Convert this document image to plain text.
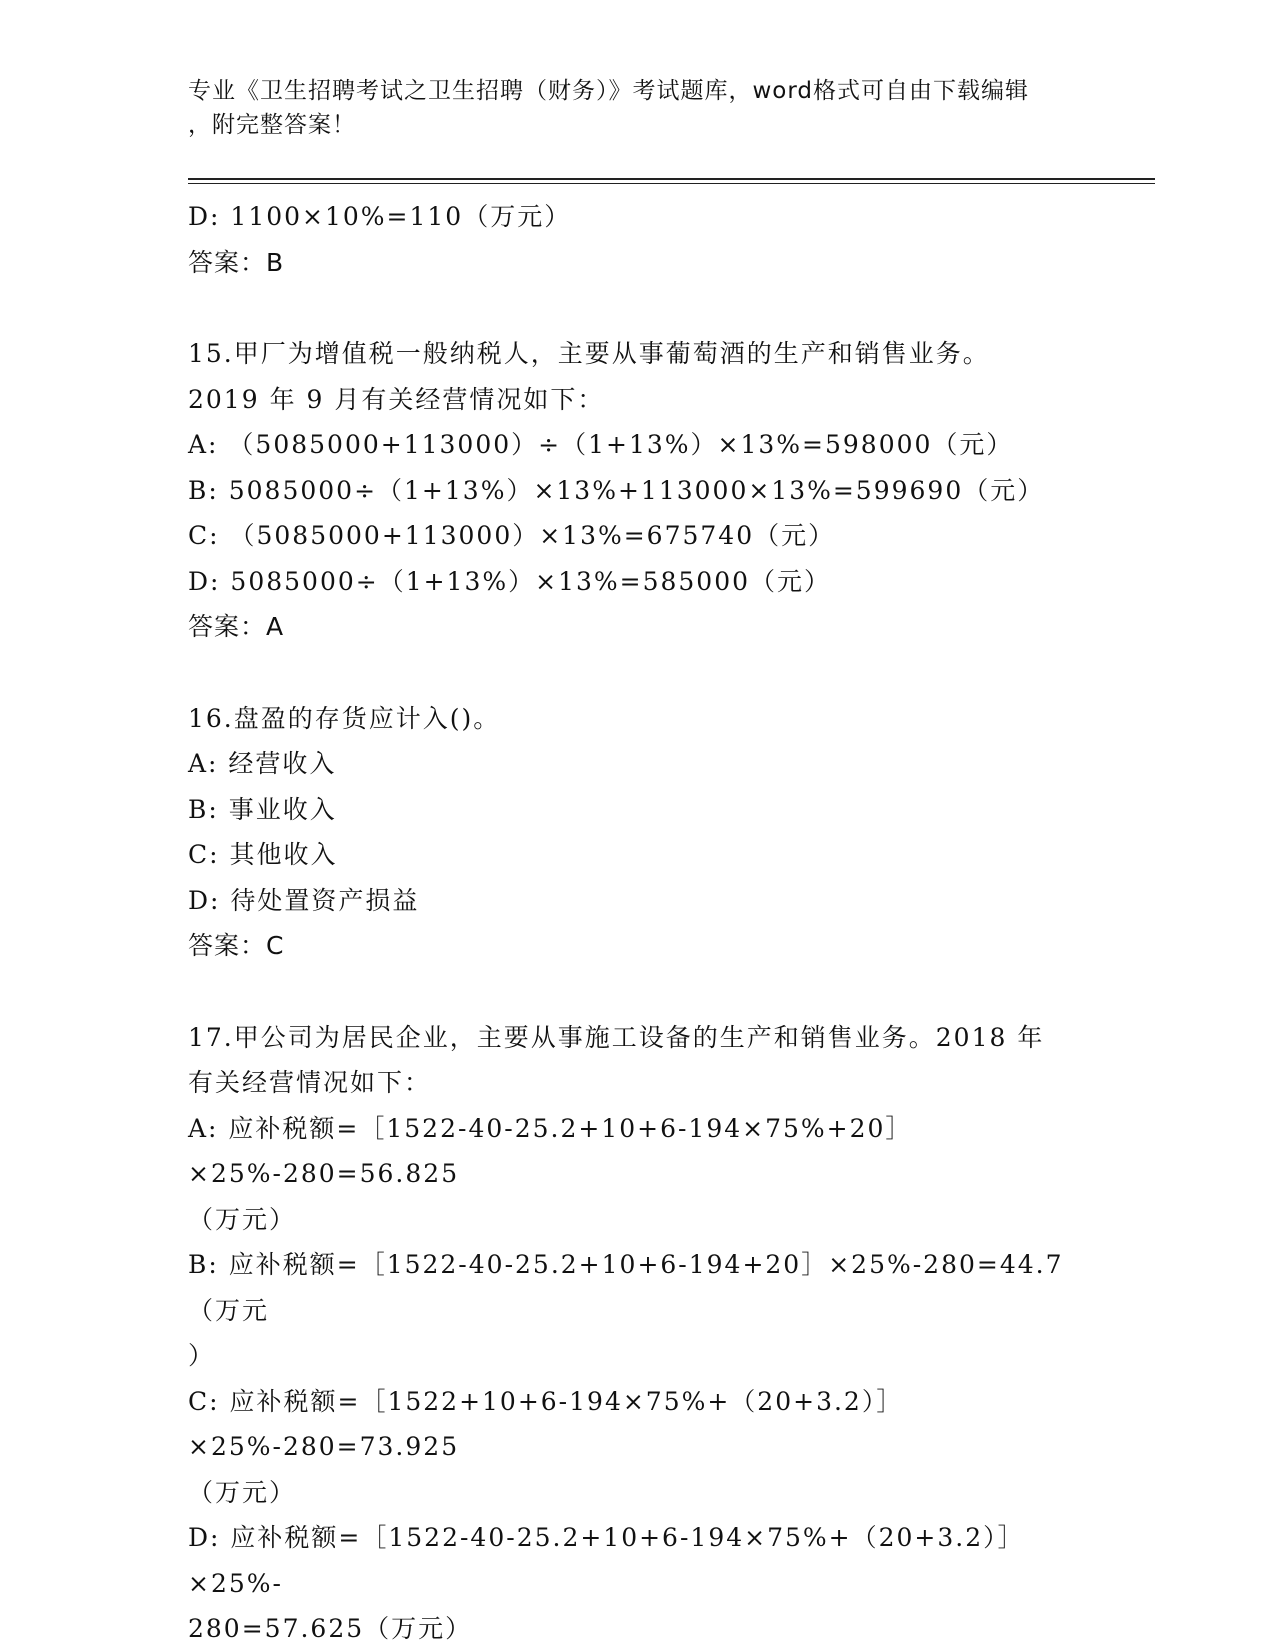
专业《卫生招聘考试之卫生招聘（财务）》考试题库，word格式可自由下载编辑
，附完整答案！
D: 1100×10%=110（万元）
答案：B
15.甲厂为增值税一般纳税人，主要从事葡萄酒的生产和销售业务。
2019 年 9 月有关经营情况如下：
A: （5085000+113000）÷（1+13%）×13%=598000（元）
B: 5085000÷（1+13%）×13%+113000×13%=599690（元）
C: （5085000+113000）×13%=675740（元）
D: 5085000÷（1+13%）×13%=585000（元）
答案：A
16.盘盈的存货应计入()。
A: 经营收入
B: 事业收入
C: 其他收入
D: 待处置资产损益
答案：C
17.甲公司为居民企业，主要从事施工设备的生产和销售业务。2018 年
有关经营情况如下：
A: 应补税额=［1522-40-25.2+10+6-194×75%+20］×25%-280=56.825
（万元）
B: 应补税额=［1522-40-25.2+10+6-194+20］×25%-280=44.7（万元
）
C: 应补税额=［1522+10+6-194×75%+（20+3.2）］×25%-280=73.925
（万元）
D: 应补税额=［1522-40-25.2+10+6-194×75%+（20+3.2）］×25%-
280=57.625（万元）
